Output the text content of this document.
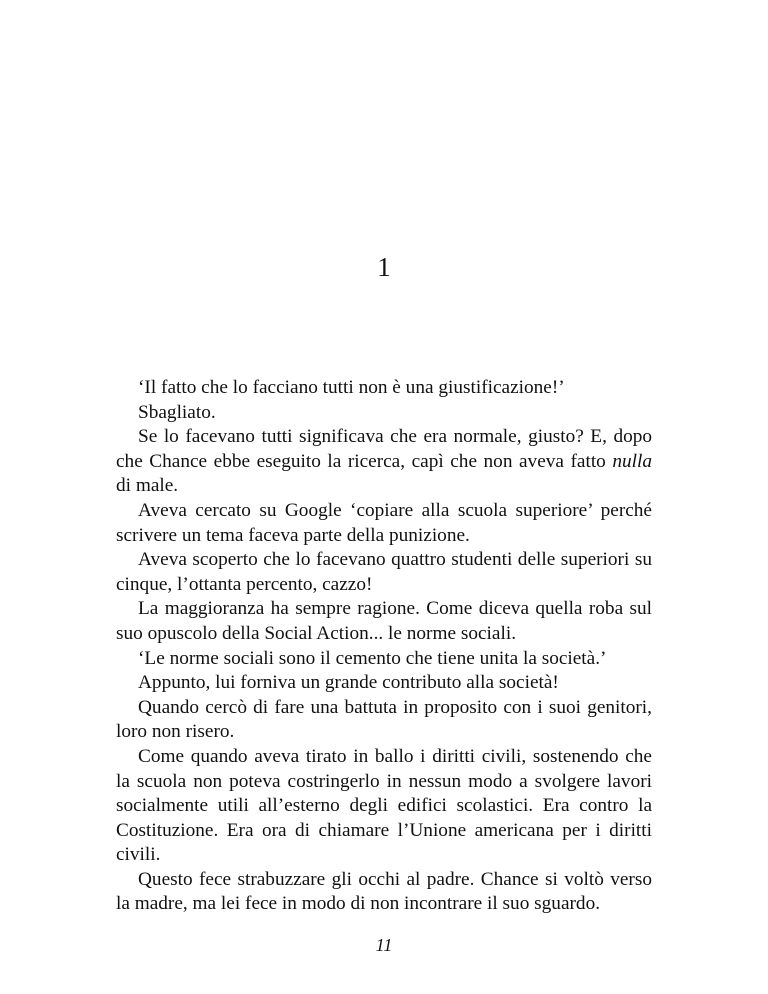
1

‘Il fatto che lo facciano tutti non è una giustificazione!’

Sbagliato.

Se lo facevano tutti significava che era normale, giusto? E, dopo che Chance ebbe eseguito la ricerca, capì che non aveva fatto nulla di male.

Aveva cercato su Google ‘copiare alla scuola superiore’ perché scrivere un tema faceva parte della punizione.

Aveva scoperto che lo facevano quattro studenti delle superiori su cinque, l’ottanta percento, cazzo!

La maggioranza ha sempre ragione. Come diceva quella roba sul suo opuscolo della Social Action... le norme sociali.

‘Le norme sociali sono il cemento che tiene unita la società.’

Appunto, lui forniva un grande contributo alla società!

Quando cercò di fare una battuta in proposito con i suoi genitori, loro non risero.

Come quando aveva tirato in ballo i diritti civili, sostenendo che la scuola non poteva costringerlo in nessun modo a svolgere lavori socialmente utili all’esterno degli edifici scolastici. Era contro la Costituzione. Era ora di chiamare l’Unione americana per i diritti civili.

Questo fece strabuzzare gli occhi al padre. Chance si voltò verso la madre, ma lei fece in modo di non incontrare il suo sguardo.

11
